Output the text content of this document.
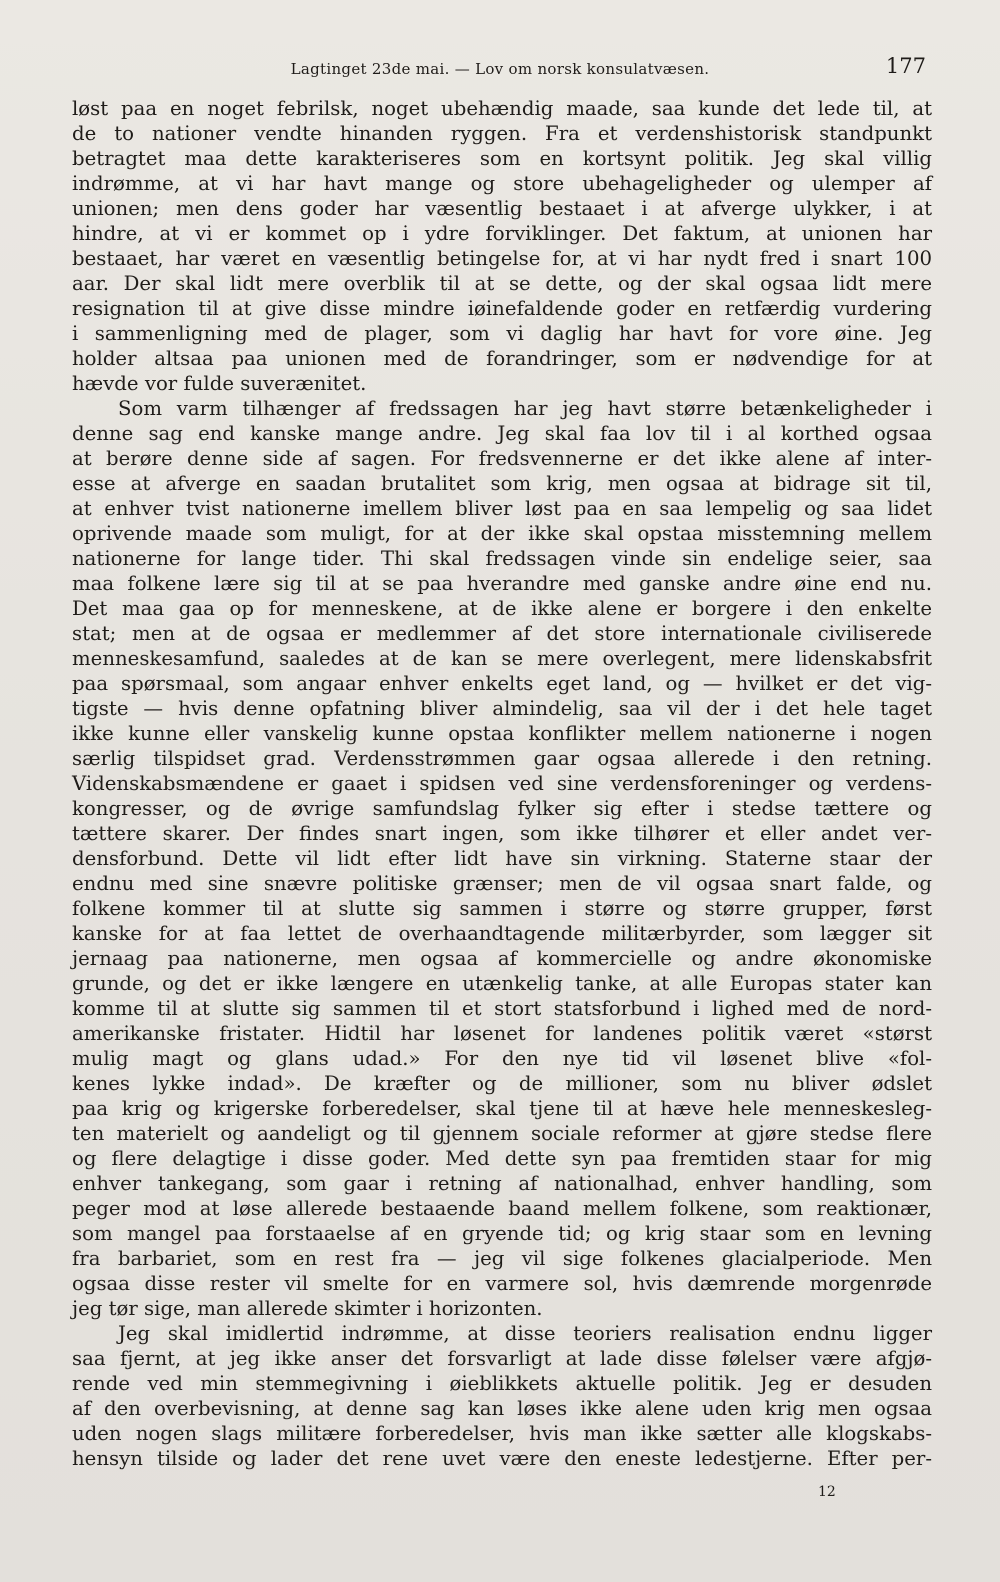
Lagtinget 23de mai. — Lov om norsk konsulatvæsen.	177
løst paa en noget febrilsk, noget ubehændig maade, saa kunde det lede til, at
de to nationer vendte hinanden ryggen. Fra et verdenshistorisk standpunkt
betragtet maa dette karakteriseres som en kortsynt politik. Jeg skal villig
indrømme, at vi har havt mange og store ubehageligheder og ulemper af
unionen; men dens goder har væsentlig bestaaet i at afverge ulykker, i at
hindre, at vi er kommet op i ydre forviklinger. Det faktum, at unionen har
bestaaet, har været en væsentlig betingelse for, at vi har nydt fred i snart 100
aar. Der skal lidt mere overblik til at se dette, og der skal ogsaa lidt mere
resignation til at give disse mindre iøinefaldende goder en retfærdig vurdering
i sammenligning med de plager, som vi daglig har havt for vore øine. Jeg
holder altsaa paa unionen med de forandringer, som er nødvendige for at
hævde vor fulde suverænitet.
Som varm tilhænger af fredssagen har jeg havt større betænkeligheder i
denne sag end kanske mange andre. Jeg skal faa lov til i al korthed ogsaa
at berøre denne side af sagen. For fredsvennerne er det ikke alene af inter-
esse at afverge en saadan brutalitet som krig, men ogsaa at bidrage sit til,
at enhver tvist nationerne imellem bliver løst paa en saa lempelig og saa lidet
oprivende maade som muligt, for at der ikke skal opstaa misstemning mellem
nationerne for lange tider. Thi skal fredssagen vinde sin endelige seier, saa
maa folkene lære sig til at se paa hverandre med ganske andre øine end nu.
Det maa gaa op for menneskene, at de ikke alene er borgere i den enkelte
stat; men at de ogsaa er medlemmer af det store internationale civiliserede
menneskesamfund, saaledes at de kan se mere overlegent, mere lidenskabsfrit
paa spørsmaal, som angaar enhver enkelts eget land, og — hvilket er det vig-
tigste — hvis denne opfatning bliver almindelig, saa vil der i det hele taget
ikke kunne eller vanskelig kunne opstaa konflikter mellem nationerne i nogen
særlig tilspidset grad. Verdensstrømmen gaar ogsaa allerede i den retning.
Videnskabsmændene er gaaet i spidsen ved sine verdensforeninger og verdens-
kongresser, og de øvrige samfundslag fylker sig efter i stedse tættere og
tættere skarer. Der findes snart ingen, som ikke tilhører et eller andet ver-
densforbund. Dette vil lidt efter lidt have sin virkning. Staterne staar der
endnu med sine snævre politiske grænser; men de vil ogsaa snart falde, og
folkene kommer til at slutte sig sammen i større og større grupper, først
kanske for at faa lettet de overhaandtagende militærbyrder, som lægger sit
jernaag paa nationerne, men ogsaa af kommercielle og andre økonomiske
grunde, og det er ikke længere en utænkelig tanke, at alle Europas stater kan
komme til at slutte sig sammen til et stort statsforbund i lighed med de nord-
amerikanske fristater. Hidtil har løsenet for landenes politik været «størst
mulig magt og glans udad.» For den nye tid vil løsenet blive «fol-
kenes lykke indad». De kræfter og de millioner, som nu bliver ødslet
paa krig og krigerske forberedelser, skal tjene til at hæve hele menneskesleg-
ten materielt og aandeligt og til gjennem sociale reformer at gjøre stedse flere
og flere delagtige i disse goder. Med dette syn paa fremtiden staar for mig
enhver tankegang, som gaar i retning af nationalhad, enhver handling, som
peger mod at løse allerede bestaaende baand mellem folkene, som reaktionær,
som mangel paa forstaaelse af en gryende tid; og krig staar som en levning
fra barbariet, som en rest fra — jeg vil sige folkenes glacialperiode. Men
ogsaa disse rester vil smelte for en varmere sol, hvis dæmrende morgenrøde
jeg tør sige, man allerede skimter i horizonten.
Jeg skal imidlertid indrømme, at disse teoriers realisation endnu ligger
saa fjernt, at jeg ikke anser det forsvarligt at lade disse følelser være afgjø-
rende ved min stemmegivning i øieblikkets aktuelle politik. Jeg er desuden
af den overbevisning, at denne sag kan løses ikke alene uden krig men ogsaa
uden nogen slags militære forberedelser, hvis man ikke sætter alle klogskabs-
hensyn tilside og lader det rene uvet være den eneste ledestjerne. Efter per-
12
